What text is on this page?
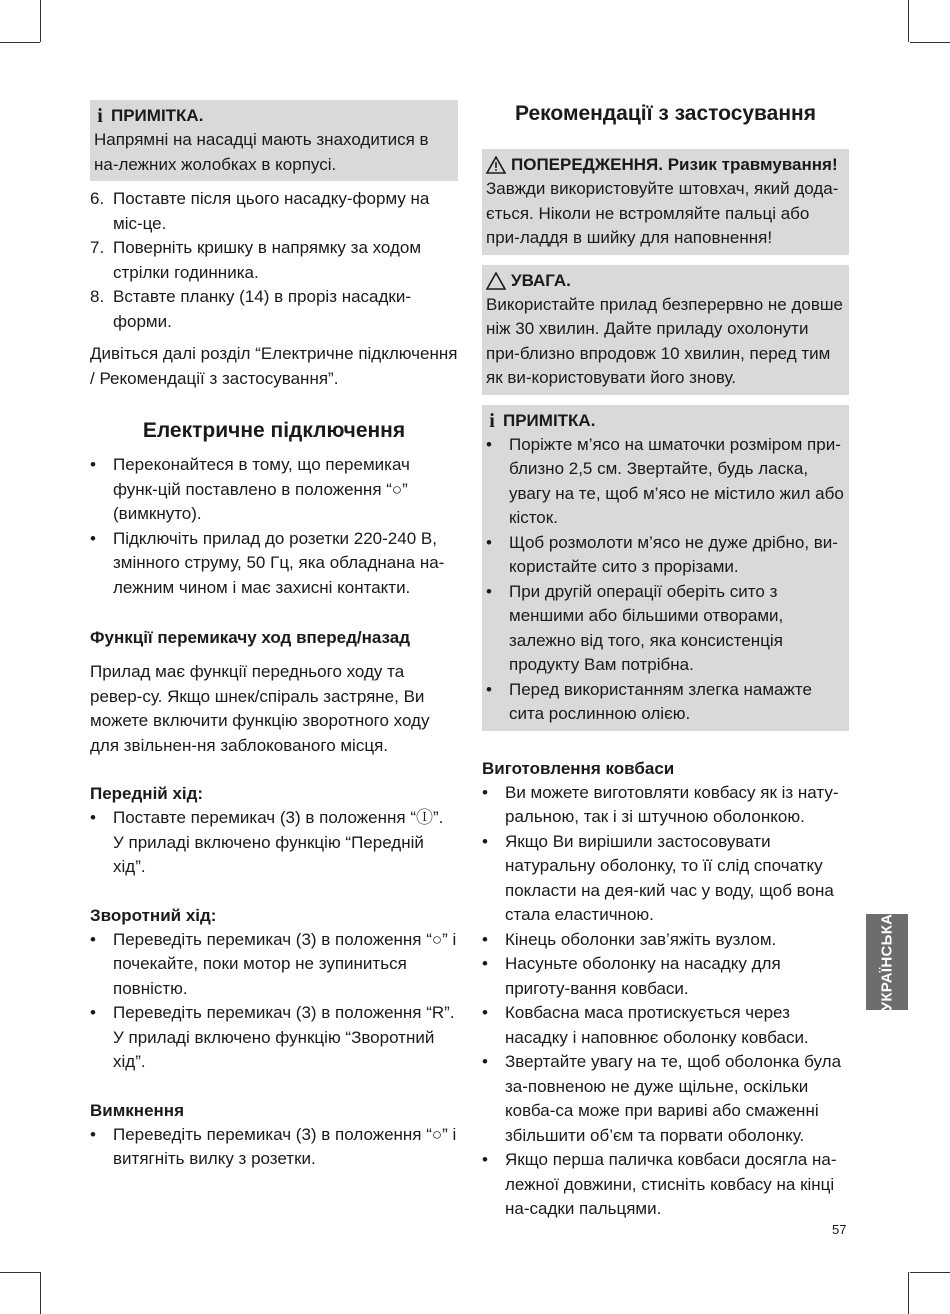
i ПРИМІТКА.
Напрямні на насадці мають знаходитися в на-лежних жолобках в корпусі.
6. Поставте після цього насадку-форму на міс-це.
7. Поверніть кришку в напрямку за ходом стрілки годинника.
8. Вставте планку (14) в проріз насадки-форми.

Дивіться далі розділ “Електричне підключення / Рекомендації з застосування”.

Електричне підключення
•	Переконайтеся в тому, що перемикач функ-цій поставлено в положення “○” (вимкнуто).
•	Підключіть прилад до розетки 220-240 В, змінного струму, 50 Гц, яка обладнана на-лежним чином і має захисні контакти.
Функції перемикачу ход вперед/назад

Прилад має функції переднього ходу та ревер-су. Якщо шнек/спіраль застряне, Ви можете включити функцію зворотного ходу для звільнен-ня заблокованого місця.

Передній хід:
•	Поставте перемикач (3) в положення “Ⓘ”. У приладі включено функцію “Передній хід”.
Зворотний хід:
•	Переведіть перемикач (3) в положення “○” і почекайте, поки мотор не зупиниться повністю.
•	Переведіть перемикач (3) в положення “R”. У приладі включено функцію “Зворотний хід”.
Вимкнення
•	Переведіть перемикач (3) в положення “○” і витягніть вилку з розетки.
Рекомендації з застосування
ПОПЕРЕДЖЕННЯ. Ризик травмування!
Завжди використовуйте штовхач, який дода-ється. Ніколи не встромляйте пальці або при-ладдя в шийку для наповнення!
УВАГА.
Використайте прилад безперервно не довше ніж 30 хвилин. Дайте приладу охолонути при-близно впродовж 10 хвилин, перед тим як ви-користовувати його знову.
i ПРИМІТКА.
•	Поріжте м’ясо на шматочки розміром при-близно 2,5 см. Звертайте, будь ласка, увагу на те, щоб м’ясо не містило жил або кісток.
•	Щоб розмолоти м’ясо не дуже дрібно, ви-користайте сито з прорізами.
•	При другій операції оберіть сито з меншими або більшими отворами, залежно від того, яка консистенція продукту Вам потрібна.
•	Перед використанням злегка намажте сита рослинною олією.
Виготовлення ковбаси
•	Ви можете виготовляти ковбасу як із нату-ральною, так і зі штучною оболонкою.
•	Якщо Ви вирішили застосовувати натуральну оболонку, то її слід спочатку покласти на дея-кий час у воду, щоб вона стала еластичною.
•	Кінець оболонки зав’яжіть вузлом.
•	Насуньте оболонку на насадку для приготу-вання ковбаси.
•	Ковбасна маса протискується через насадку і наповнює оболонку ковбаси.
•	Звертайте увагу на те, щоб оболонка була за-повненою не дуже щільне, оскільки ковба-са може при вариві або смаженні збільшити об’єм та порвати оболонку.
•	Якщо перша паличка ковбаси досягла на-лежної довжини, стисніть ковбасу на кінці на-садки пальцями.
УКРАЇНСЬКА
57
